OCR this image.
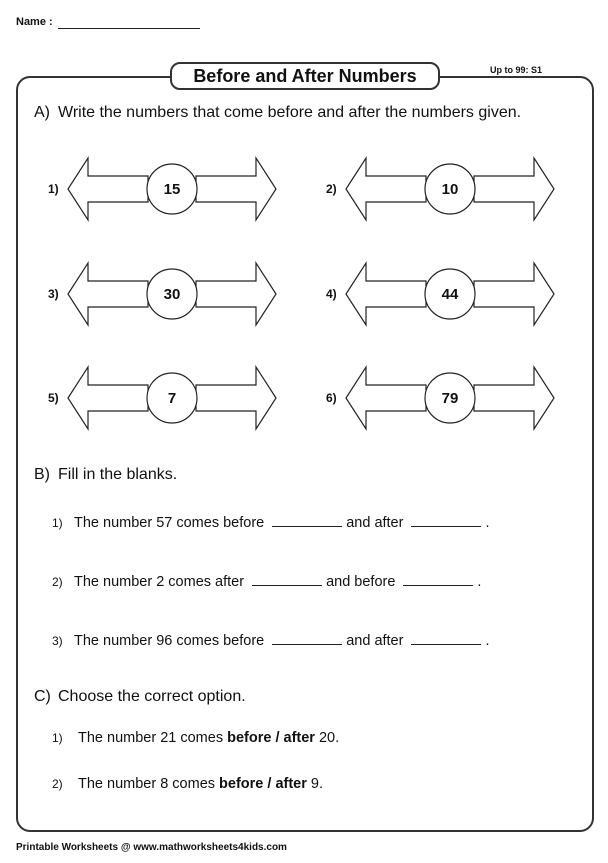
Name :
Up to 99: S1
Before and After Numbers
A) Write the numbers that come before and after the numbers given.
1)	15	2)	10
3)	30	4)	44
5)	7	6)	79
B) Fill in the blanks.
1) The number 57 comes before	and after	.
2) The number 2 comes after	and before	.
3) The number 96 comes before	and after	.
C) Choose the correct option.
1) The number 21 comes before / after 20.
2) The number 8 comes before / after 9.
Printable Worksheets @ www.mathworksheets4kids.com
